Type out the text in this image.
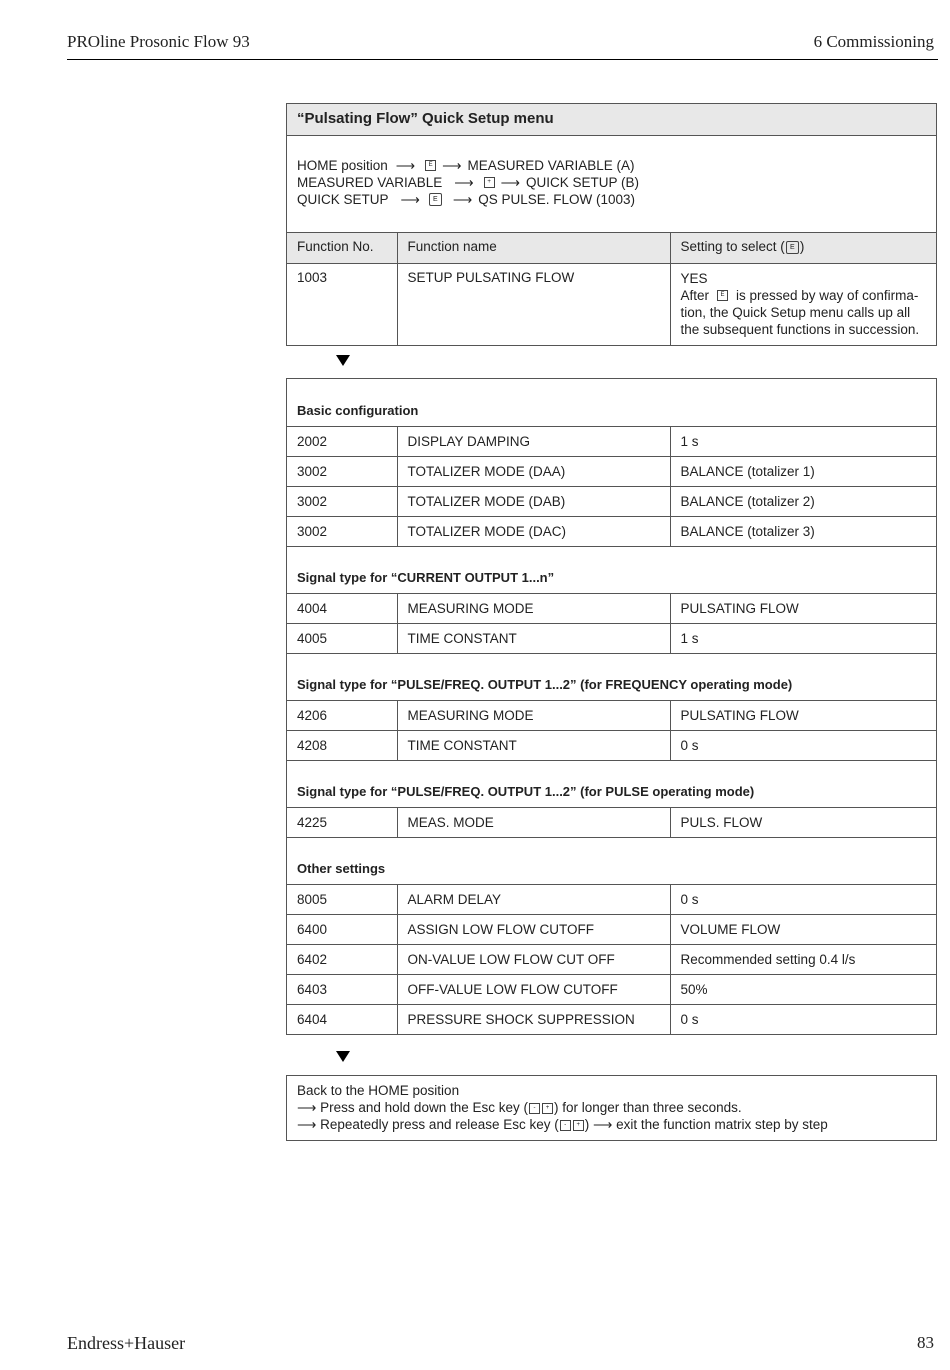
PROline Prosonic Flow 93	6 Commissioning
“Pulsating Flow” Quick Setup menu
HOME position ⟶	E ⟶ MEASURED VARIABLE (A)
MEASURED VARIABLE ⟶	+ ⟶ QUICK SETUP (B)
QUICK SETUP ⟶	E	⟶ QS PULSE. FLOW (1003)
Function No.	Function name	Setting to select ( E )
1003	SETUP PULSATING FLOW	YES
After E is pressed by way of confirma-
tion, the Quick Setup menu calls up all
the subsequent functions in succession.
Basic configuration		
2002	DISPLAY DAMPING	1 s
3002	TOTALIZER MODE (DAA)	BALANCE (totalizer 1)
3002	TOTALIZER MODE (DAB)	BALANCE (totalizer 2)
3002	TOTALIZER MODE (DAC)	BALANCE (totalizer 3)
Signal type for “CURRENT OUTPUT 1...n”		
4004	MEASURING MODE	PULSATING FLOW
4005	TIME CONSTANT	1 s
Signal type for “PULSE/FREQ. OUTPUT 1...2” (for FREQUENCY operating mode)		
4206	MEASURING MODE	PULSATING FLOW
4208	TIME CONSTANT	0 s
Signal type for “PULSE/FREQ. OUTPUT 1...2” (for PULSE operating mode)		
4225	MEAS. MODE	PULS. FLOW
Other settings		
8005	ALARM DELAY	0 s
6400	ASSIGN LOW FLOW CUTOFF	VOLUME FLOW
6402	ON-VALUE LOW FLOW CUT OFF	Recommended setting 0.4 l/s
6403	OFF-VALUE LOW FLOW CUTOFF	50%
6404	PRESSURE SHOCK SUPPRESSION	0 s
Back to the HOME position
⟶ Press and hold down the Esc key ( - + ) for longer than three seconds.
⟶ Repeatedly press and release Esc key ( - + ) ⟶ exit the function matrix step by step
Endress+Hauser	83
